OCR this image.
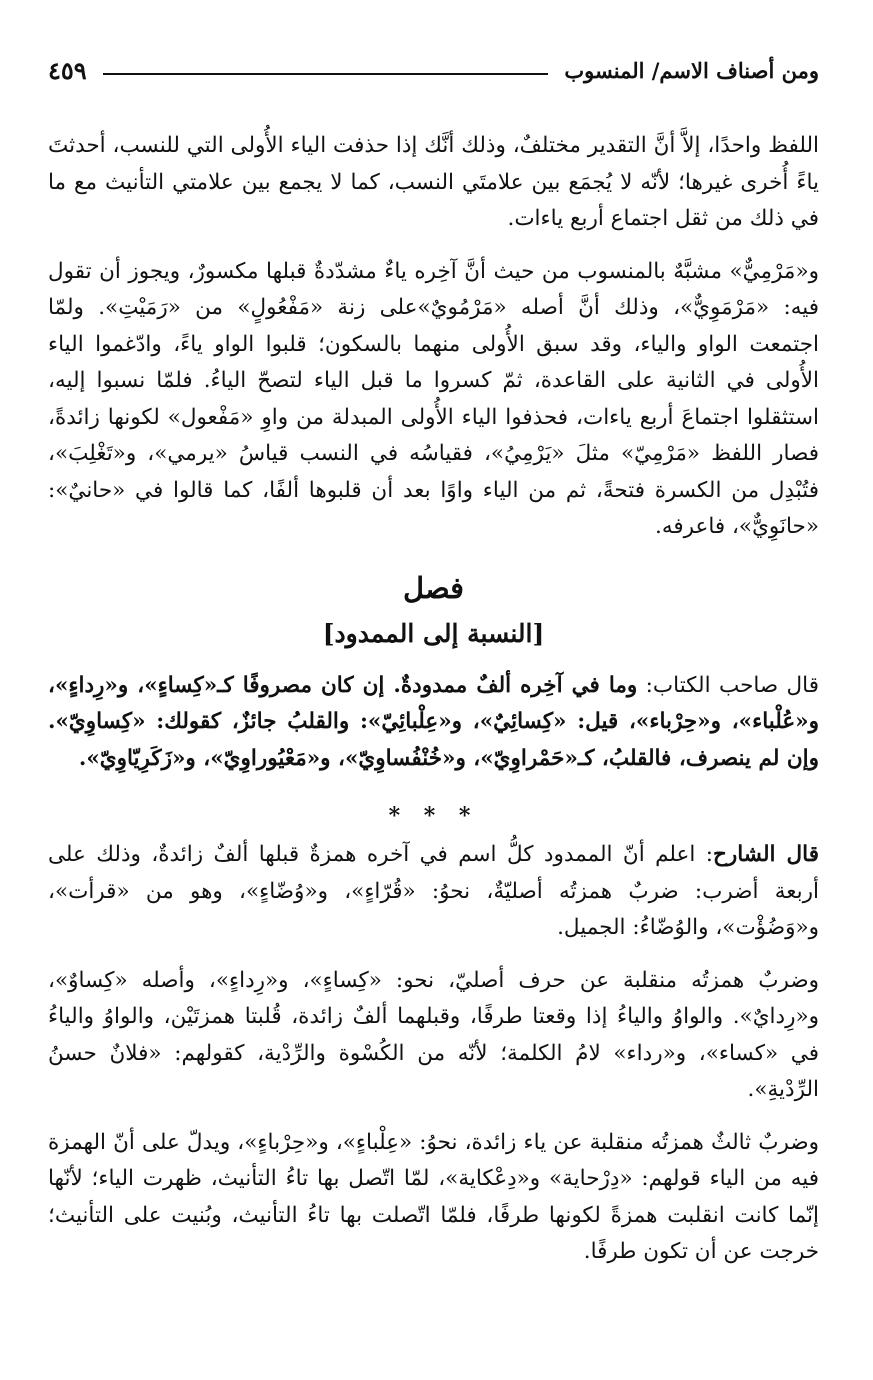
ومن أصناف الاسم/ المنسوب
٤٥٩

اللفظ واحدًا، إلاَّ أنَّ التقدير مختلفٌ، وذلك أنَّك إذا حذفت الياء الأُولى التي للنسب، أحدثتَ ياءً أُخرى غيرها؛ لأنّه لا يُجمَع بين علامتَي النسب، كما لا يجمع بين علامتي التأنيث مع ما في ذلك من ثقل اجتماع أربع ياءات.

و«مَرْمِيٌّ» مشبَّهٌ بالمنسوب من حيث أنَّ آخِره ياءٌ مشدّدةٌ قبلها مكسورٌ، ويجوز أن تقول فيه: «مَرْمَوِيٌّ»، وذلك أنَّ أصله «مَرْمُويٌ»على زنة «مَفْعُولٍ» من «رَمَيْتِ». ولمّا اجتمعت الواو والياء، وقد سبق الأُولى منهما بالسكون؛ قلبوا الواو ياءً، وادّغموا الياء الأُولى في الثانية على القاعدة، ثمّ كسروا ما قبل الياء لتصحّ الياءُ. فلمّا نسبوا إليه، استثقلوا اجتماعَ أربع ياءات، فحذفوا الياء الأُولى المبدلة من واوِ «مَفْعول» لكونها زائدةً، فصار اللفظ «مَرْمِيّ» مثلَ «يَرْمِيُ»، فقياسُه في النسب قياسُ «يرمي»، و«تَغْلِبَ»، فتُبْدِل من الكسرة فتحةً، ثم من الياء واوًا بعد أن قلبوها ألفًا، كما قالوا في «حانيٌ»: «حانَوِيٌّ»، فاعرفه.

فصل
[النسبة إلى الممدود]

قال صاحب الكتاب: وما في آخِره ألفٌ ممدودةٌ. إن كان مصروفًا كـ«كِساءٍ»، و«رِداءٍ»، و«عُلْباء»، و«حِرْباء»، قيل: «كِسائِيٌ»، و«عِلْبائِيّ»: والقلبُ جائزٌ، كقولك: «كِساوِيّ». وإن لم ينصرف، فالقلبُ، كـ«حَمْراوِيّ»، و«خُنْفُساوِيّ»، و«مَعْيُوراوِيّ»، و«زَكَرِيّاوِيّ».

* * *

قال الشارح: اعلم أنّ الممدود كلُّ اسم في آخره همزةٌ قبلها ألفٌ زائدةٌ، وذلك على أربعة أضرب: ضربٌ همزتُه أصليّةٌ، نحوُ: «قُرّاءٍ»، و«وُضّاءٍ»، وهو من «قرأت»، و«وَضُؤْت»، والوُضّاءُ: الجميل.

وضربٌ همزتُه منقلبة عن حرف أصليّ، نحو: «كِساءٍ»، و«رِداءٍ»، وأصله «كِساوٌ»، و«رِدايٌ». والواوُ والياءُ إذا وقعتا طرفًا، وقبلهما ألفٌ زائدة، قُلبتا همزتَيْن، والواوُ والياءُ في «كساء»، و«رداء» لامُ الكلمة؛ لأنّه من الكُسْوة والرِّدْية، كقولهم: «فلانٌ حسنُ الرِّدْيةِ».

وضربٌ ثالثٌ همزتُه منقلبة عن ياء زائدة، نحوُ: «عِلْباءٍ»، و«حِرْباءٍ»، ويدلّ على أنّ الهمزة فيه من الياء قولهم: «دِرْحاية» و«دِعْكاية»، لمّا اتّصل بها تاءُ التأنيث، ظهرت الياء؛ لأنّها إنّما كانت انقلبت همزةً لكونها طرفًا، فلمّا اتّصلت بها تاءُ التأنيث، وبُنيت على التأنيث؛ خرجت عن أن تكون طرفًا.
